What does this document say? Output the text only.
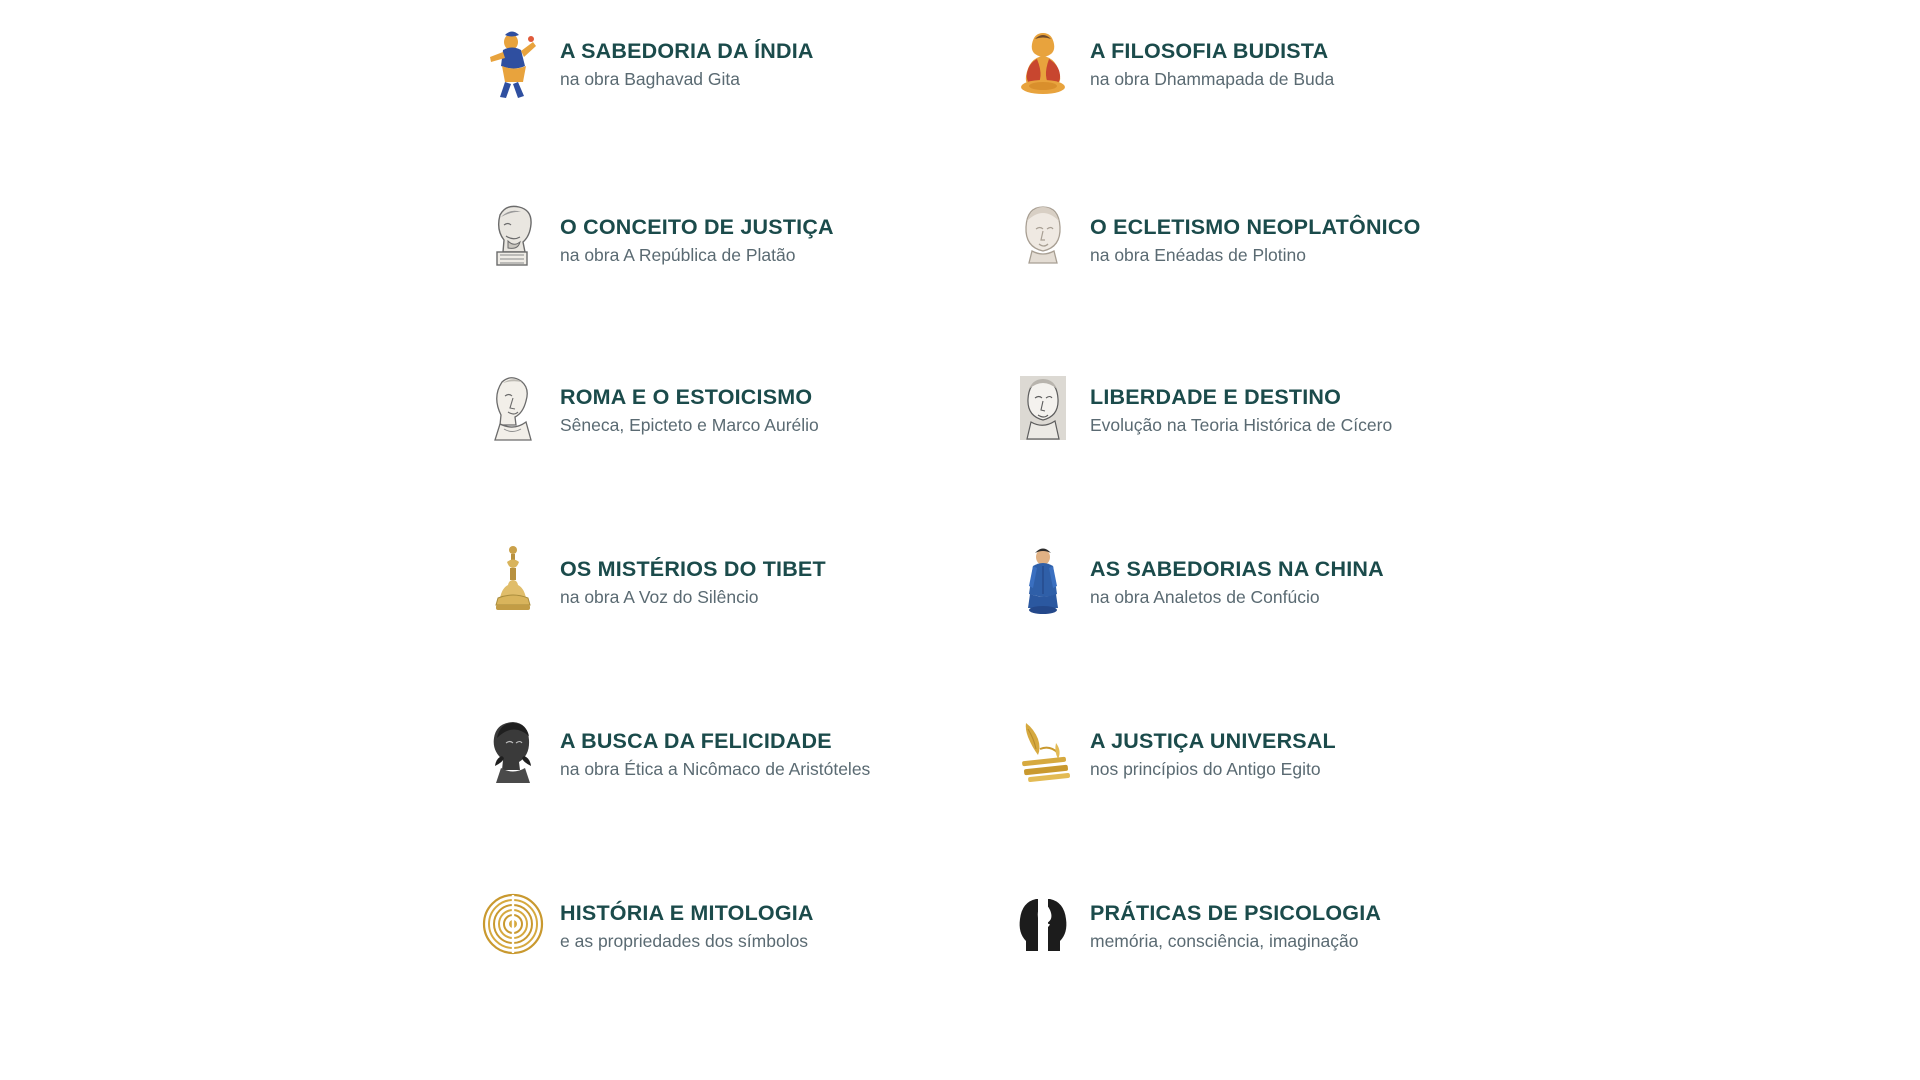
A SABEDORIA DA ÍNDIA

na obra Baghavad Gita

A FILOSOFIA BUDISTA

na obra Dhammapada de Buda

O CONCEITO DE JUSTIÇA

na obra A República de Platão

O ECLETISMO NEOPLATÔNICO

na obra Enéadas de Plotino

ROMA E O ESTOICISMO

Sêneca, Epicteto e Marco Aurélio

LIBERDADE E DESTINO

Evolução na Teoria Histórica de Cícero

OS MISTÉRIOS DO TIBET

na obra A Voz do Silêncio

AS SABEDORIAS NA CHINA

na obra Analetos de Confúcio

A BUSCA DA FELICIDADE

na obra Ética a Nicômaco de Aristóteles

A JUSTIÇA UNIVERSAL

nos princípios do Antigo Egito

HISTÓRIA E MITOLOGIA

e as propriedades dos símbolos

PRÁTICAS DE PSICOLOGIA

memória, consciência, imaginação
